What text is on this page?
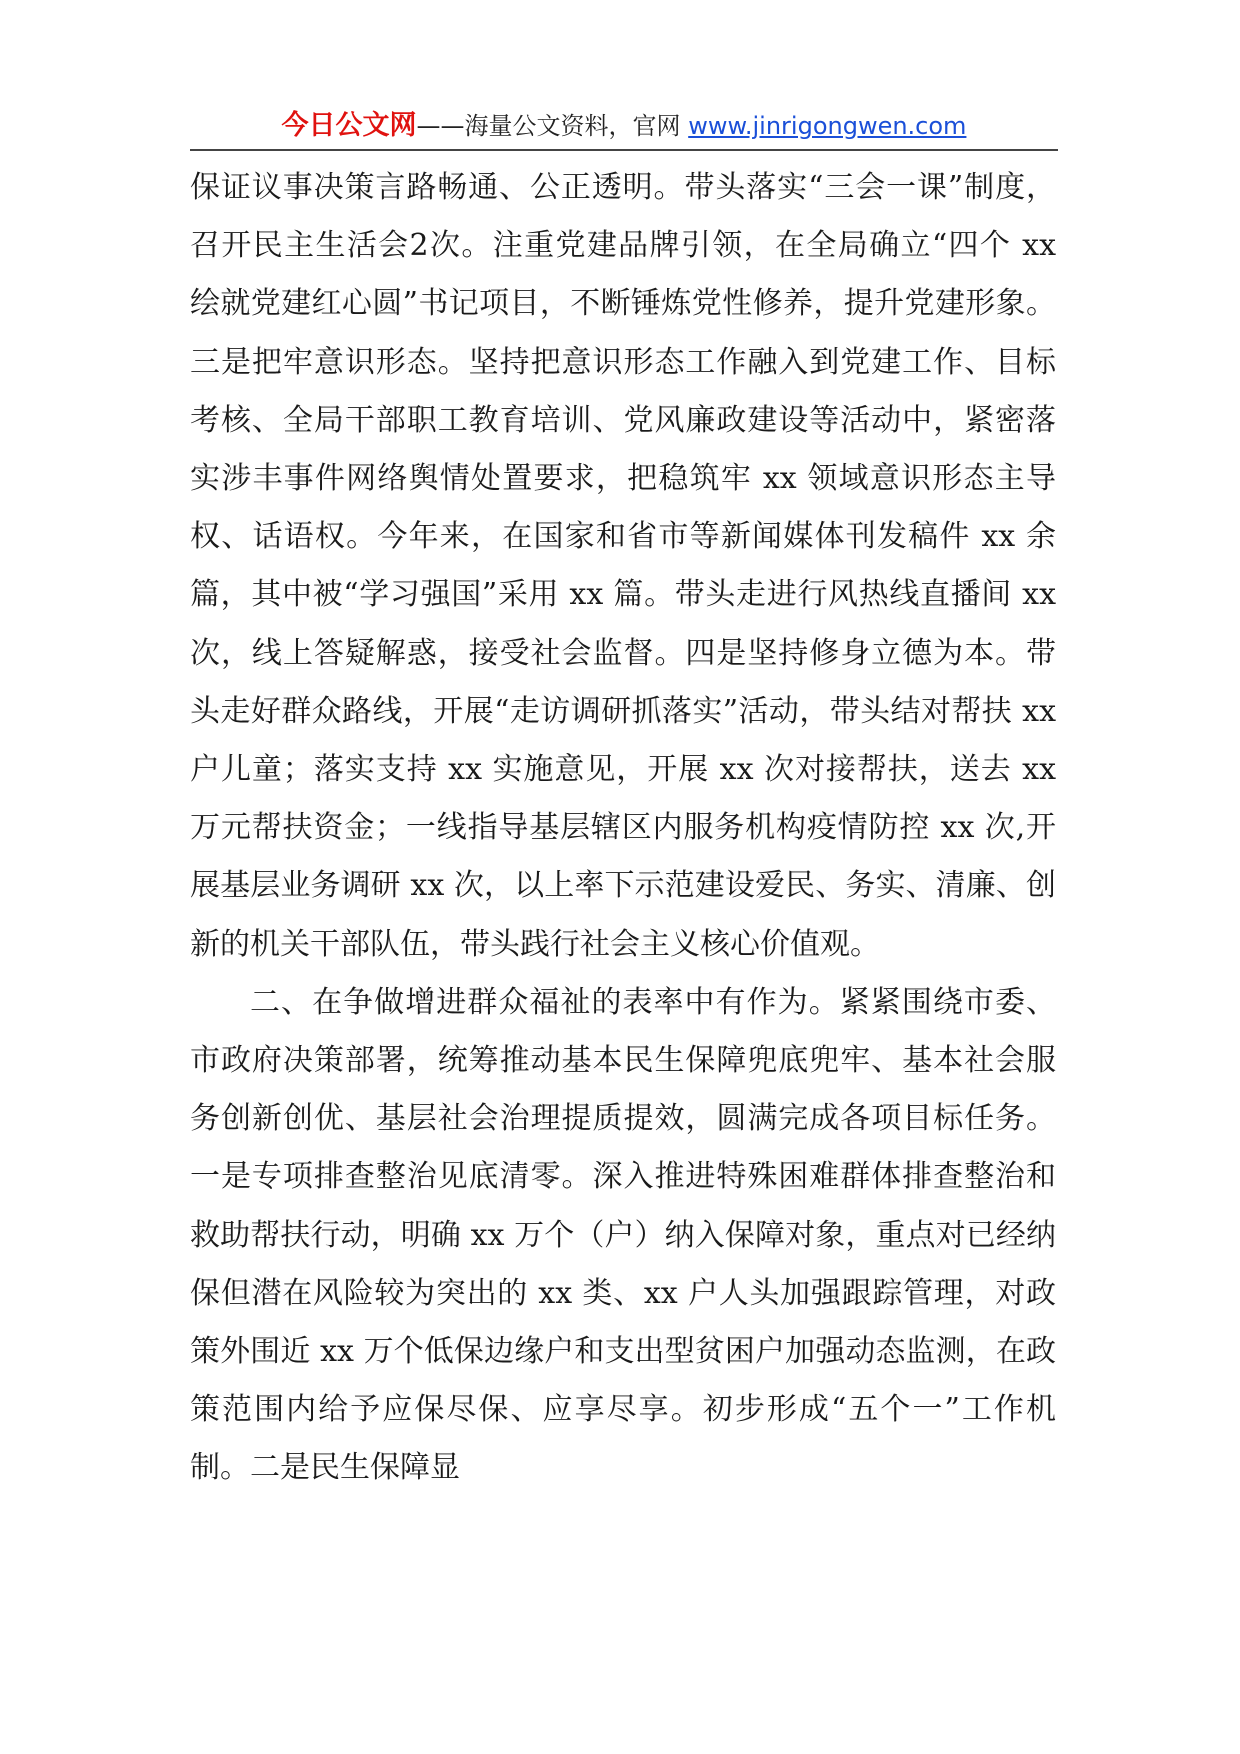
今日公文网——海量公文资料，官网 www.jinrigongwen.com

保证议事决策言路畅通、公正透明。带头落实“三会一课”制度，召开民主生活会2次。注重党建品牌引领，在全局确立“四个 xx 绘就党建红心圆”书记项目，不断锤炼党性修养，提升党建形象。三是把牢意识形态。坚持把意识形态工作融入到党建工作、目标考核、全局干部职工教育培训、党风廉政建设等活动中，紧密落实涉丰事件网络舆情处置要求，把稳筑牢 xx 领域意识形态主导权、话语权。今年来，在国家和省市等新闻媒体刊发稿件 xx 余篇，其中被“学习强国”采用 xx 篇。带头走进行风热线直播间 xx 次，线上答疑解惑，接受社会监督。四是坚持修身立德为本。带头走好群众路线，开展“走访调研抓落实”活动，带头结对帮扶 xx 户儿童；落实支持 xx 实施意见，开展 xx 次对接帮扶，送去 xx 万元帮扶资金；一线指导基层辖区内服务机构疫情防控 xx 次,开展基层业务调研 xx 次，以上率下示范建设爱民、务实、清廉、创新的机关干部队伍，带头践行社会主义核心价值观。

二、在争做增进群众福祉的表率中有作为。紧紧围绕市委、市政府决策部署，统筹推动基本民生保障兜底兜牢、基本社会服务创新创优、基层社会治理提质提效，圆满完成各项目标任务。一是专项排查整治见底清零。深入推进特殊困难群体排查整治和救助帮扶行动，明确 xx 万个（户）纳入保障对象，重点对已经纳保但潜在风险较为突出的 xx 类、xx 户人头加强跟踪管理，对政策外围近 xx 万个低保边缘户和支出型贫困户加强动态监测，在政策范围内给予应保尽保、应享尽享。初步形成“五个一”工作机制。二是民生保障显
